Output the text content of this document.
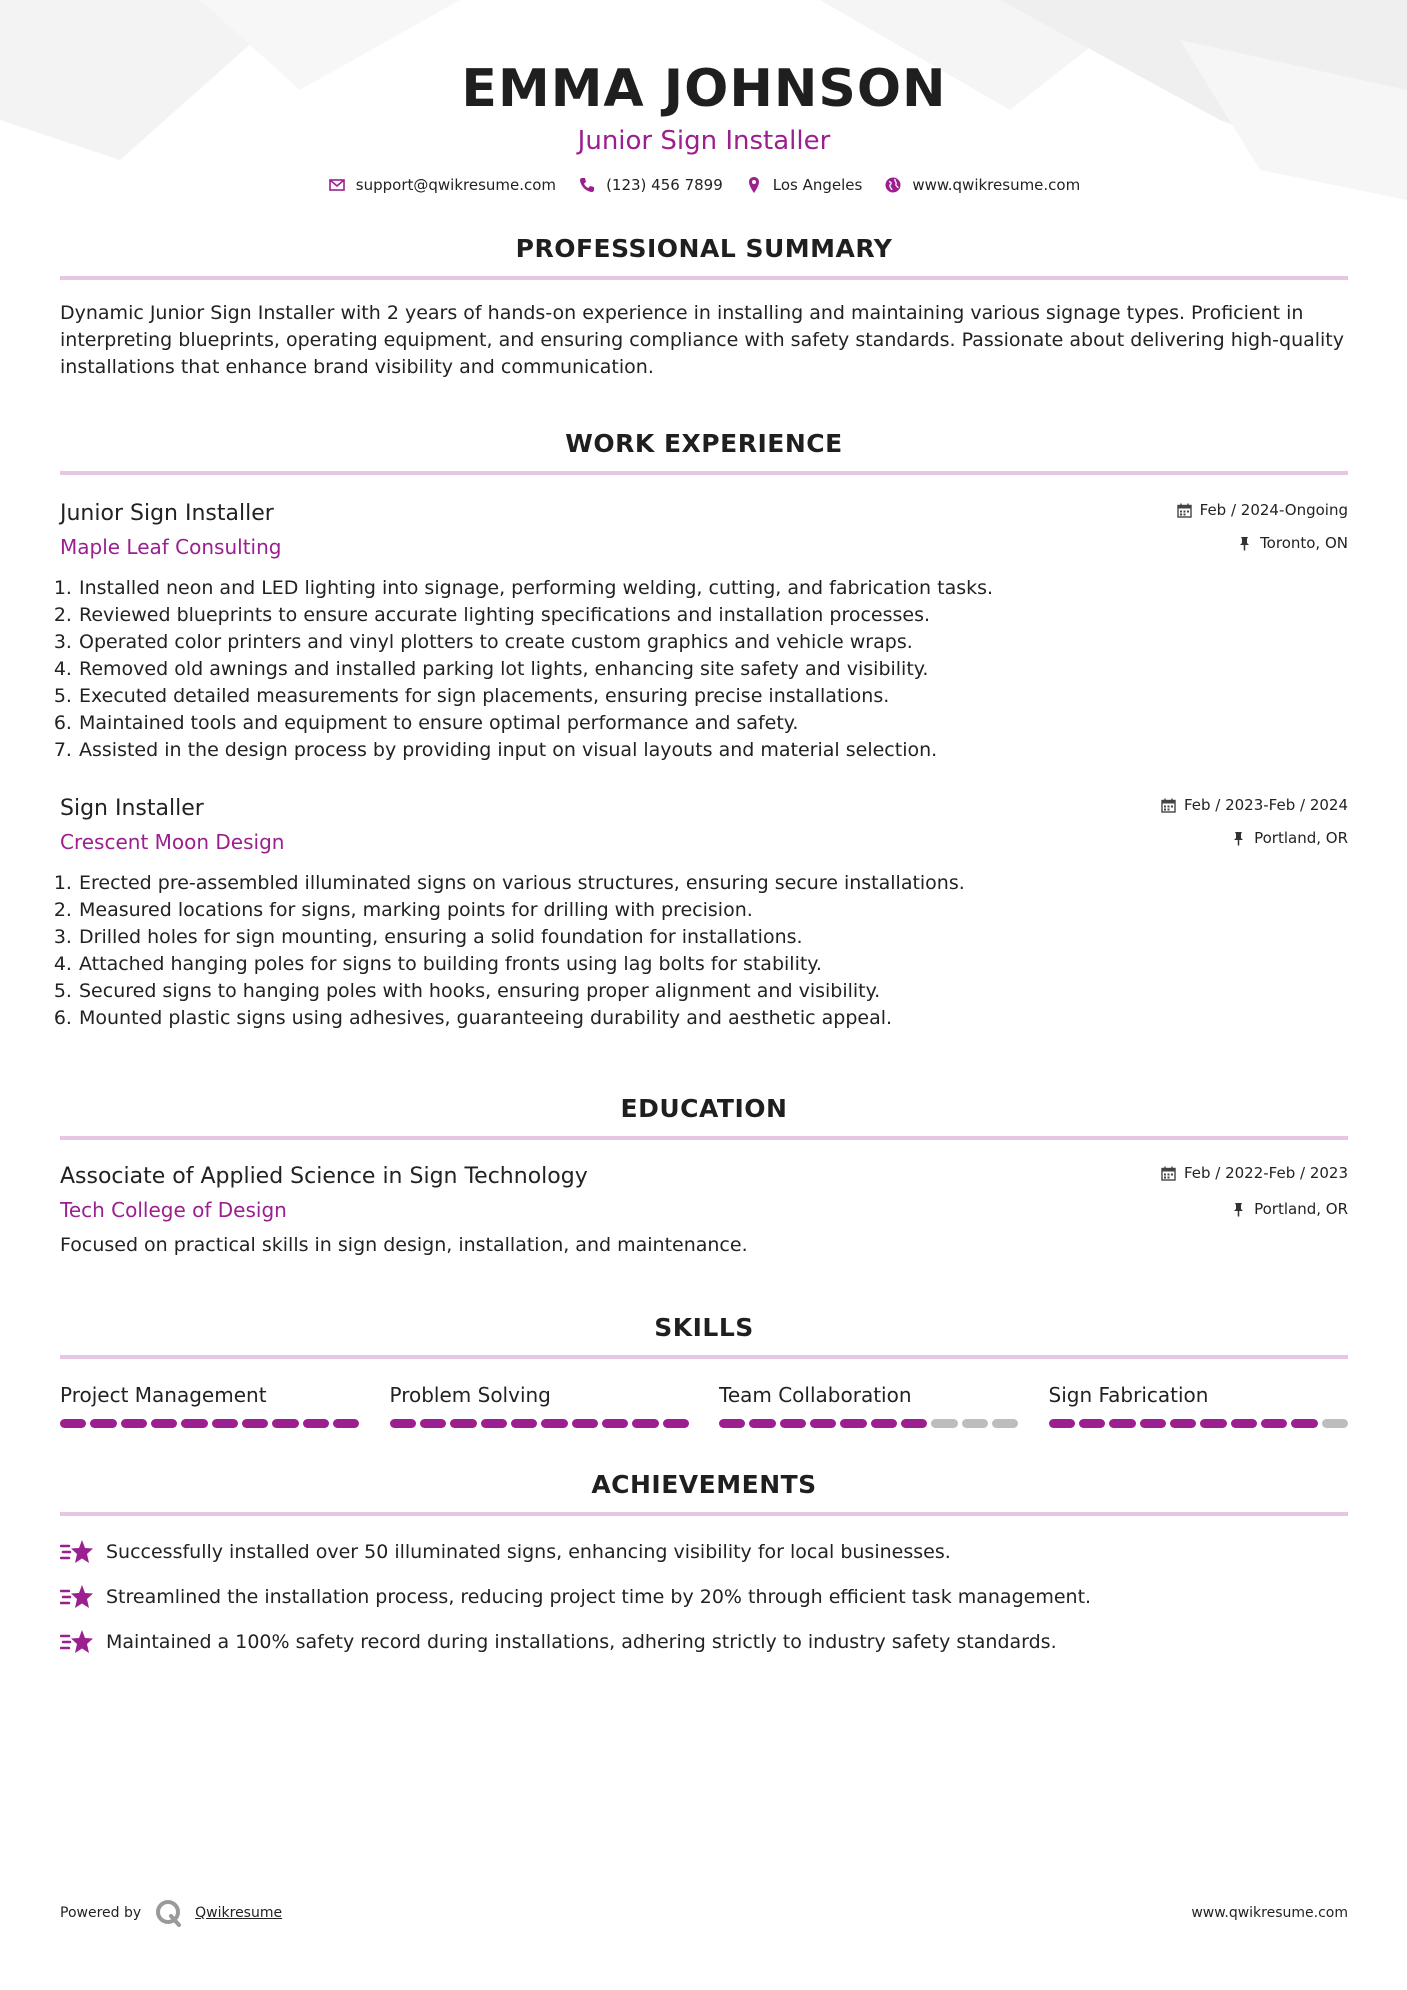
EMMA JOHNSON
Junior Sign Installer
support@qwikresume.com	(123) 456 7899	Los Angeles	www.qwikresume.com
PROFESSIONAL SUMMARY
Dynamic Junior Sign Installer with 2 years of hands-on experience in installing and maintaining various signage types. Proficient in interpreting blueprints, operating equipment, and ensuring compliance with safety standards. Passionate about delivering high-quality installations that enhance brand visibility and communication.
WORK EXPERIENCE
Junior Sign Installer
Maple Leaf Consulting
Feb / 2024-Ongoing
Toronto, ON
1. Installed neon and LED lighting into signage, performing welding, cutting, and fabrication tasks.
2. Reviewed blueprints to ensure accurate lighting specifications and installation processes.
3. Operated color printers and vinyl plotters to create custom graphics and vehicle wraps.
4. Removed old awnings and installed parking lot lights, enhancing site safety and visibility.
5. Executed detailed measurements for sign placements, ensuring precise installations.
6. Maintained tools and equipment to ensure optimal performance and safety.
7. Assisted in the design process by providing input on visual layouts and material selection.
Sign Installer
Crescent Moon Design
Feb / 2023-Feb / 2024
Portland, OR
1. Erected pre-assembled illuminated signs on various structures, ensuring secure installations.
2. Measured locations for signs, marking points for drilling with precision.
3. Drilled holes for sign mounting, ensuring a solid foundation for installations.
4. Attached hanging poles for signs to building fronts using lag bolts for stability.
5. Secured signs to hanging poles with hooks, ensuring proper alignment and visibility.
6. Mounted plastic signs using adhesives, guaranteeing durability and aesthetic appeal.
EDUCATION
Associate of Applied Science in Sign Technology
Tech College of Design
Feb / 2022-Feb / 2023
Portland, OR
Focused on practical skills in sign design, installation, and maintenance.
SKILLS
Project Management	Problem Solving	Team Collaboration	Sign Fabrication
ACHIEVEMENTS
Successfully installed over 50 illuminated signs, enhancing visibility for local businesses.
Streamlined the installation process, reducing project time by 20% through efficient task management.
Maintained a 100% safety record during installations, adhering strictly to industry safety standards.
Powered by	Qwikresume	www.qwikresume.com
